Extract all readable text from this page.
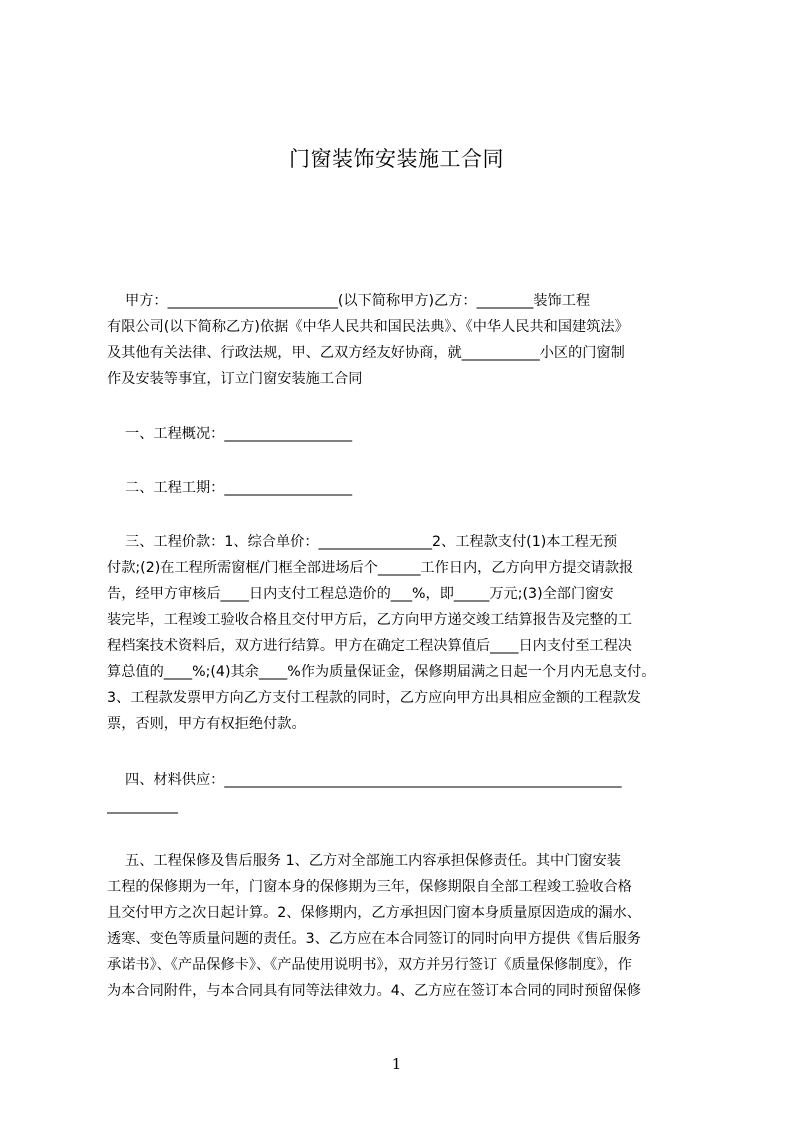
门窗装饰安装施工合同
甲方：________________________(以下简称甲方)乙方：________装饰工程
有限公司(以下简称乙方)依据《中华人民共和国民法典》、《中华人民共和国建筑法》
及其他有关法律、行政法规，甲、乙双方经友好协商，就___________小区的门窗制
作及安装等事宜，订立门窗安装施工合同
一、工程概况：__________________
二、工程工期：__________________
三、工程价款：1、综合单价：________________2、工程款支付(1)本工程无预
付款;(2)在工程所需窗框/门框全部进场后个______工作日内，乙方向甲方提交请款报
告，经甲方审核后____日内支付工程总造价的___%，即_____万元;(3)全部门窗安
装完毕，工程竣工验收合格且交付甲方后，乙方向甲方递交竣工结算报告及完整的工
程档案技术资料后，双方进行结算。甲方在确定工程决算值后____日内支付至工程决
算总值的____%;(4)其余____%作为质量保证金，保修期届满之日起一个月内无息支付。
3、工程款发票甲方向乙方支付工程款的同时，乙方应向甲方出具相应金额的工程款发
票，否则，甲方有权拒绝付款。
四、材料供应：________________________________________________________
__________
五、工程保修及售后服务 1、乙方对全部施工内容承担保修责任。其中门窗安装
工程的保修期为一年，门窗本身的保修期为三年，保修期限自全部工程竣工验收合格
且交付甲方之次日起计算。2、保修期内，乙方承担因门窗本身质量原因造成的漏水、
透寒、变色等质量问题的责任。3、乙方应在本合同签订的同时向甲方提供《售后服务
承诺书》、《产品保修卡》、《产品使用说明书》，双方并另行签订《质量保修制度》，作
为本合同附件，与本合同具有同等法律效力。4、乙方应在签订本合同的同时预留保修
1
